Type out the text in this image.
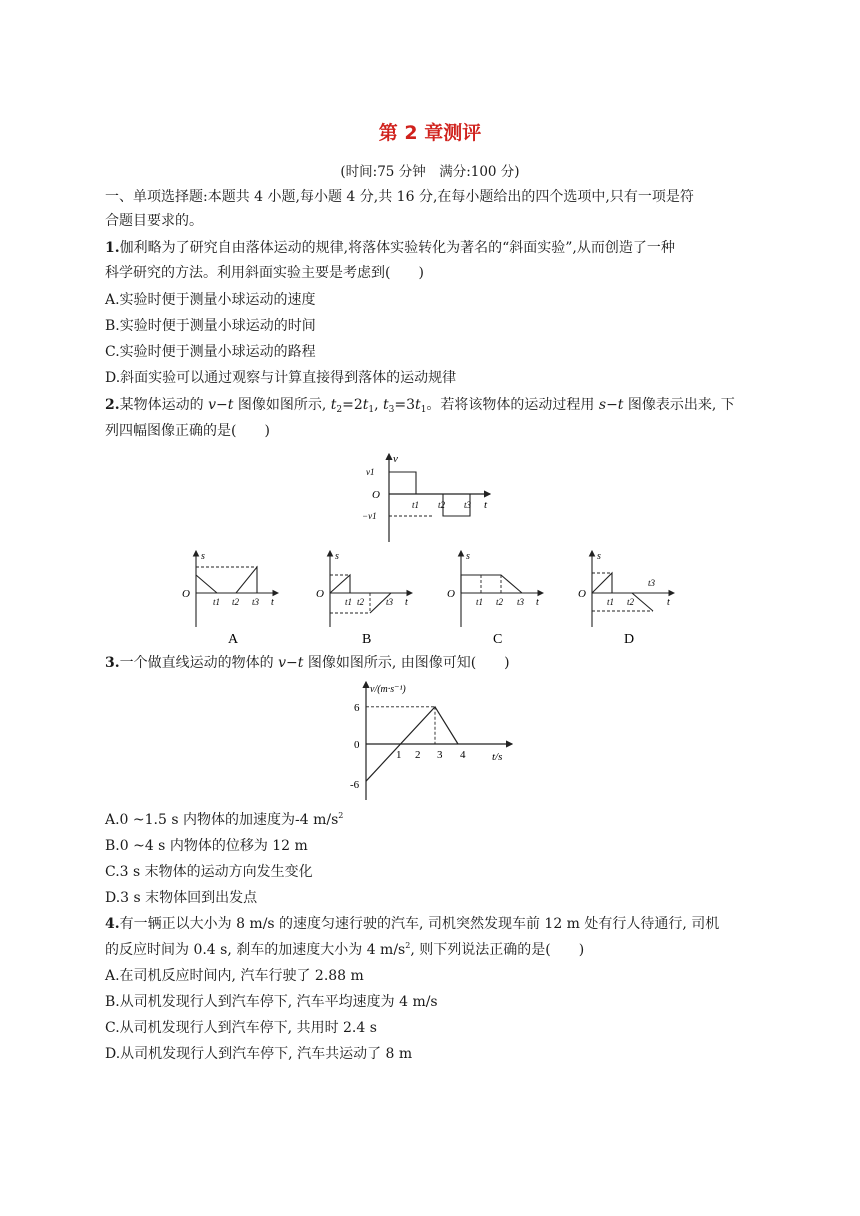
第 2 章测评
(时间:75 分钟　满分:100 分)
一、单项选择题:本题共 4 小题,每小题 4 分,共 16 分,在每小题给出的四个选项中,只有一项是符
合题目要求的。
1.伽利略为了研究自由落体运动的规律,将落体实验转化为著名的“斜面实验”,从而创造了一种
科学研究的方法。利用斜面实验主要是考虑到(　　)
A.实验时便于测量小球运动的速度
B.实验时便于测量小球运动的时间
C.实验时便于测量小球运动的路程
D.斜面实验可以通过观察与计算直接得到落体的运动规律
2.某物体运动的 v−t 图像如图所示, $t_2=2t_1$, $t_3=3t_1$。若将该物体的运动过程用 s−t 图像表示出来, 下
列四幅图像正确的是(　　)
v
v1
O
−v1
t
t1 t2 t3
s
O
t1 t2 t3 t
A
s
O
t1 t2 t3 t
B
s
O
t1 t2 t3 t
C
s
O
t1 t2
t3
t
D
3.一个做直线运动的物体的 v−t 图像如图所示, 由图像可知(　　)
v/(m·s⁻¹)
t/s
6
0
-6
1 2 3 4
A.0 ~1.5 s 内物体的加速度为-4 $m/s^2$
B.0 ~4 s 内物体的位移为 12 m
C.3 s 末物体的运动方向发生变化
D.3 s 末物体回到出发点
4.有一辆正以大小为 8 m/s 的速度匀速行驶的汽车, 司机突然发现车前 12 m 处有行人待通行, 司机
的反应时间为 0.4 s, 刹车的加速度大小为 4 $m/s^2$, 则下列说法正确的是(　　)
A.在司机反应时间内, 汽车行驶了 2.88 m
B.从司机发现行人到汽车停下, 汽车平均速度为 4 m/s
C.从司机发现行人到汽车停下, 共用时 2.4 s
D.从司机发现行人到汽车停下, 汽车共运动了 8 m
